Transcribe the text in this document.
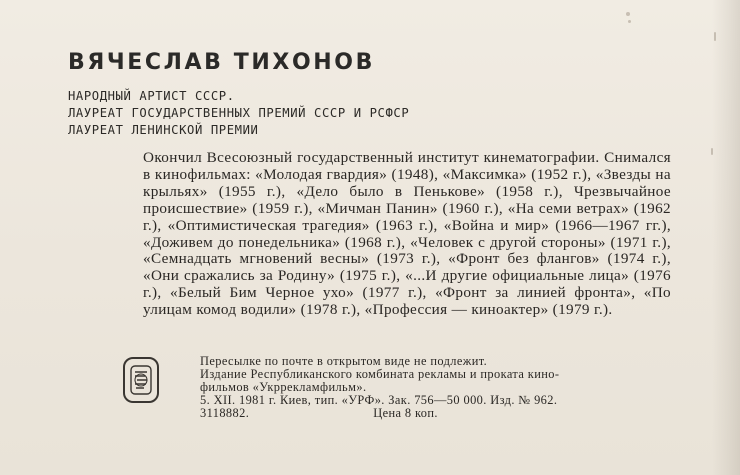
ВЯЧЕСЛАВ ТИХОНОВ
НАРОДНЫЙ АРТИСТ СССР.
ЛАУРЕАТ ГОСУДАРСТВЕННЫХ ПРЕМИЙ СССР И РСФСР
ЛАУРЕАТ ЛЕНИНСКОЙ ПРЕМИИ

Окончил Всесоюзный государственный институт кинематографии. Снимался в кинофильмах: «Молодая гвардия» (1948), «Максимка» (1952 г.), «Звезды на крыльях» (1955 г.), «Дело было в Пенькове» (1958 г.), Чрезвычайное происшествие» (1959 г.), «Мичман Панин» (1960 г.), «На семи ветрах» (1962 г.), «Оптимистическая трагедия» (1963 г.), «Война и мир» (1966—1967 гг.), «Доживем до понедельника» (1968 г.), «Человек с другой стороны» (1971 г.), «Семнадцать мгновений весны» (1973 г.), «Фронт без флангов» (1974 г.), «Они сражались за Родину» (1975 г.), «...И другие официальные лица» (1976 г.), «Белый Бим Черное ухо» (1977 г.), «Фронт за линией фронта», «По улицам комод водили» (1978 г.), «Профессия — киноактер» (1979 г.).

Пересылке по почте в открытом виде не подлежит.
Издание Республиканского комбината рекламы и проката кино-
фильмов «Укррекламфильм».
5. XII. 1981 г. Киев, тип. «УРФ». Зак. 756—50 000. Изд. № 962.
3118882.	Цена 8 коп.
